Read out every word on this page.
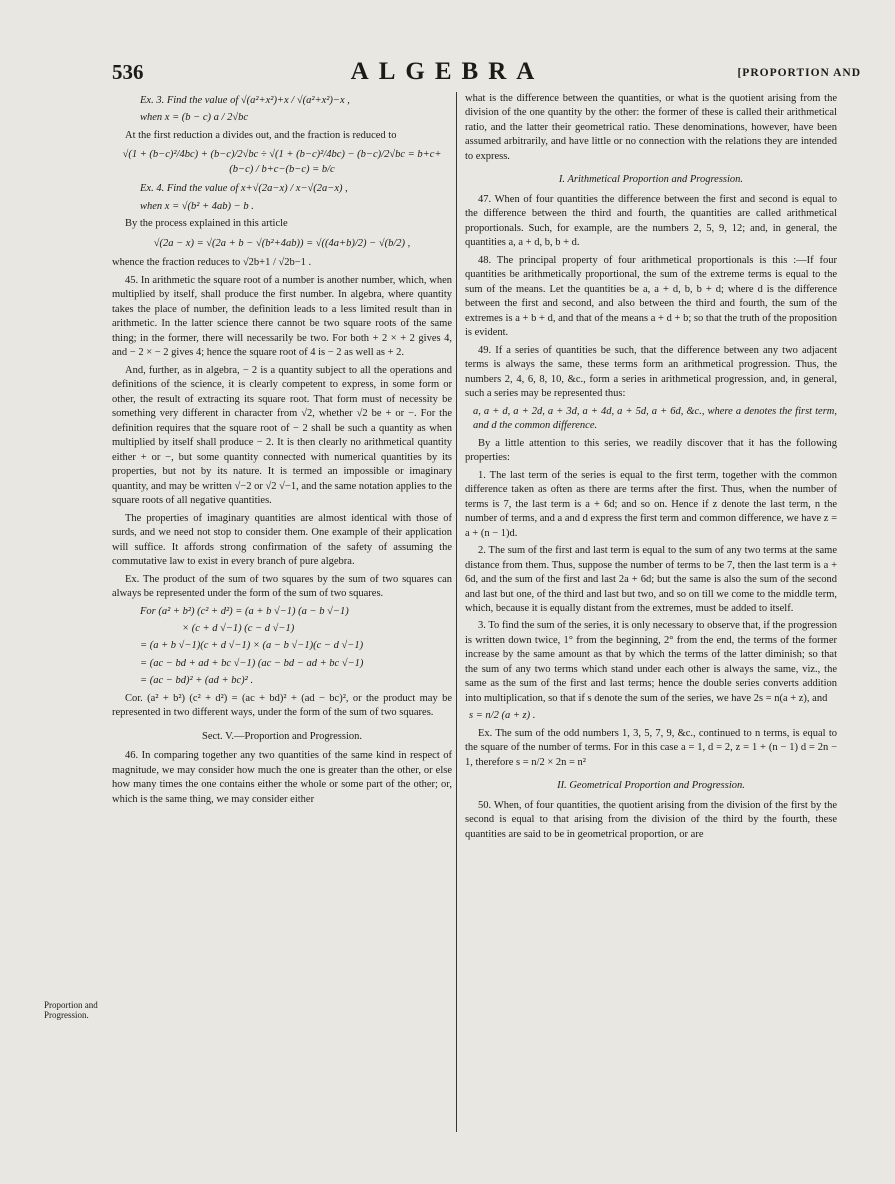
536	ALGEBRA	[PROPORTION AND

Ex. 3. Find the value of √(a²+x²)+x / √(a²+x²)−x ,

when x = (b − c) a / 2√bc

At the first reduction a divides out, and the fraction is reduced to

√(1 + (b−c)²/4bc) + (b−c)/2√bc ÷ √(1 + (b−c)²/4bc) − (b−c)/2√bc = b+c+(b−c) / b+c−(b−c) = b/c

Ex. 4. Find the value of x+√(2a−x) / x−√(2a−x) ,

when x = √(b² + 4ab) − b .

By the process explained in this article

√(2a − x) = √(2a + b − √(b²+4ab)) = √((4a+b)/2) − √(b/2) ,

whence the fraction reduces to √2b+1 / √2b−1 .

45. In arithmetic the square root of a number is another number, which, when multiplied by itself, shall produce the first number. In algebra, where quantity takes the place of number, the definition leads to a less limited result than in arithmetic. In the latter science there cannot be two square roots of the same thing; in the former, there will necessarily be two. For both + 2 × + 2 gives 4, and − 2 × − 2 gives 4; hence the square root of 4 is − 2 as well as + 2.

And, further, as in algebra, − 2 is a quantity subject to all the operations and definitions of the science, it is clearly competent to express, in some form or other, the result of extracting its square root. That form must of necessity be something very different in character from √2, whether √2 be + or −. For the definition requires that the square root of − 2 shall be such a quantity as when multiplied by itself shall produce − 2. It is then clearly no arithmetical quantity either + or −, but some quantity connected with numerical quantities by its properties, but not by its nature. It is termed an impossible or imaginary quantity, and may be written √−2 or √2 √−1, and the same notation applies to the square roots of all negative quantities.

The properties of imaginary quantities are almost identical with those of surds, and we need not stop to consider them. One example of their application will suffice. It affords strong confirmation of the safety of assuming the commutative law to exist in every branch of pure algebra.

Ex. The product of the sum of two squares by the sum of two squares can always be represented under the form of the sum of two squares.

For (a² + b²) (c² + d²) = (a + b √−1) (a − b √−1)

× (c + d √−1) (c − d √−1)

= (a + b √−1)(c + d √−1) × (a − b √−1)(c − d √−1)

= (ac − bd + ad + bc √−1) (ac − bd − ad + bc √−1)

= (ac − bd)² + (ad + bc)² .

Cor. (a² + b²) (c² + d²) = (ac + bd)² + (ad − bc)², or the product may be represented in two different ways, under the form of the sum of two squares.

Sect. V.—Proportion and Progression.

46. In comparing together any two quantities of the same kind in respect of magnitude, we may consider how much the one is greater than the other, or else how many times the one contains either the whole or some part of the other; or, which is the same thing, we may consider either

Proportion and Progression.

what is the difference between the quantities, or what is the quotient arising from the division of the one quantity by the other: the former of these is called their arithmetical ratio, and the latter their geometrical ratio. These denominations, however, have been assumed arbitrarily, and have little or no connection with the relations they are intended to express.

I. Arithmetical Proportion and Progression.

47. When of four quantities the difference between the first and second is equal to the difference between the third and fourth, the quantities are called arithmetical proportionals. Such, for example, are the numbers 2, 5, 9, 12; and, in general, the quantities a, a + d, b, b + d.

48. The principal property of four arithmetical proportionals is this :—If four quantities be arithmetically proportional, the sum of the extreme terms is equal to the sum of the means. Let the quantities be a, a + d, b, b + d; where d is the difference between the first and second, and also between the third and fourth, the sum of the extremes is a + b + d, and that of the means a + d + b; so that the truth of the proposition is evident.

49. If a series of quantities be such, that the difference between any two adjacent terms is always the same, these terms form an arithmetical progression. Thus, the numbers 2, 4, 6, 8, 10, &c., form a series in arithmetical progression, and, in general, such a series may be represented thus:

a, a + d, a + 2d, a + 3d, a + 4d, a + 5d, a + 6d, &c., where a denotes the first term, and d the common difference.

By a little attention to this series, we readily discover that it has the following properties:

1. The last term of the series is equal to the first term, together with the common difference taken as often as there are terms after the first. Thus, when the number of terms is 7, the last term is a + 6d; and so on. Hence if z denote the last term, n the number of terms, and a and d express the first term and common difference, we have z = a + (n − 1)d.

2. The sum of the first and last term is equal to the sum of any two terms at the same distance from them. Thus, suppose the number of terms to be 7, then the last term is a + 6d, and the sum of the first and last 2a + 6d; but the same is also the sum of the second and last but one, of the third and last but two, and so on till we come to the middle term, which, because it is equally distant from the extremes, must be added to itself.

3. To find the sum of the series, it is only necessary to observe that, if the progression is written down twice, 1° from the beginning, 2° from the end, the terms of the former increase by the same amount as that by which the terms of the latter diminish; so that the sum of any two terms which stand under each other is always the same, viz., the same as the sum of the first and last terms; hence the double series converts addition into multiplication, so that if s denote the sum of the series, we have 2s = n(a + z), and

s = n/2 (a + z) .

Ex. The sum of the odd numbers 1, 3, 5, 7, 9, &c., continued to n terms, is equal to the square of the number of terms. For in this case a = 1, d = 2, z = 1 + (n − 1) d = 2n − 1, therefore s = n/2 × 2n = n²

II. Geometrical Proportion and Progression.

50. When, of four quantities, the quotient arising from the division of the first by the second is equal to that arising from the division of the third by the fourth, these quantities are said to be in geometrical proportion, or are
